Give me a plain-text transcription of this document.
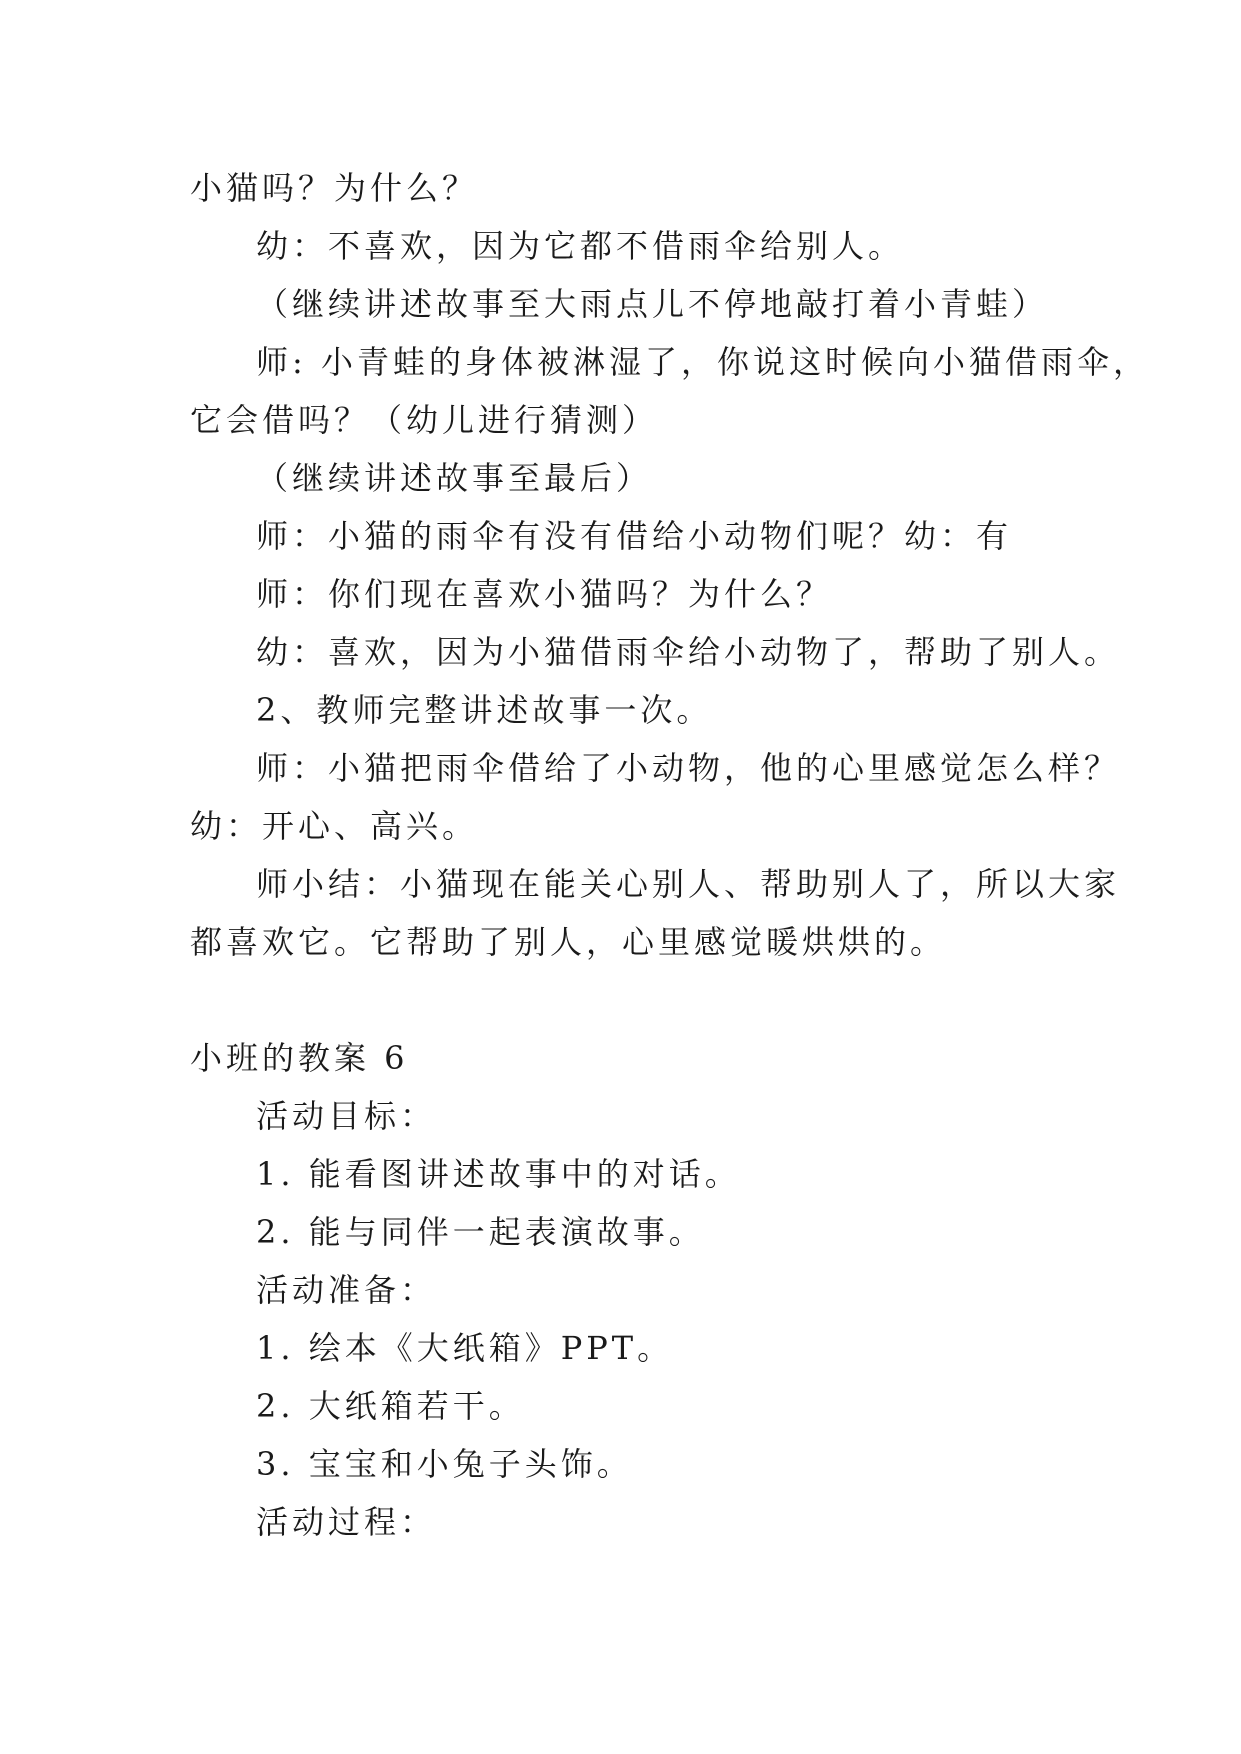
小猫吗？为什么？

幼：不喜欢，因为它都不借雨伞给别人。

（继续讲述故事至大雨点儿不停地敲打着小青蛙）

师: 小青蛙的身体被淋湿了，你说这时候向小猫借雨伞，

它会借吗？（幼儿进行猜测）

（继续讲述故事至最后）

师：小猫的雨伞有没有借给小动物们呢？幼：有

师：你们现在喜欢小猫吗？为什么？

幼：喜欢，因为小猫借雨伞给小动物了，帮助了别人。

2、教师完整讲述故事一次。

师：小猫把雨伞借给了小动物，他的心里感觉怎么样？

幼：开心、高兴。

师小结：小猫现在能关心别人、帮助别人了，所以大家

都喜欢它。它帮助了别人，心里感觉暖烘烘的。

小班的教案 6

活动目标：

1. 能看图讲述故事中的对话。

2. 能与同伴一起表演故事。

活动准备：

1. 绘本《大纸箱》PPT。

2. 大纸箱若干。

3. 宝宝和小兔子头饰。

活动过程：
